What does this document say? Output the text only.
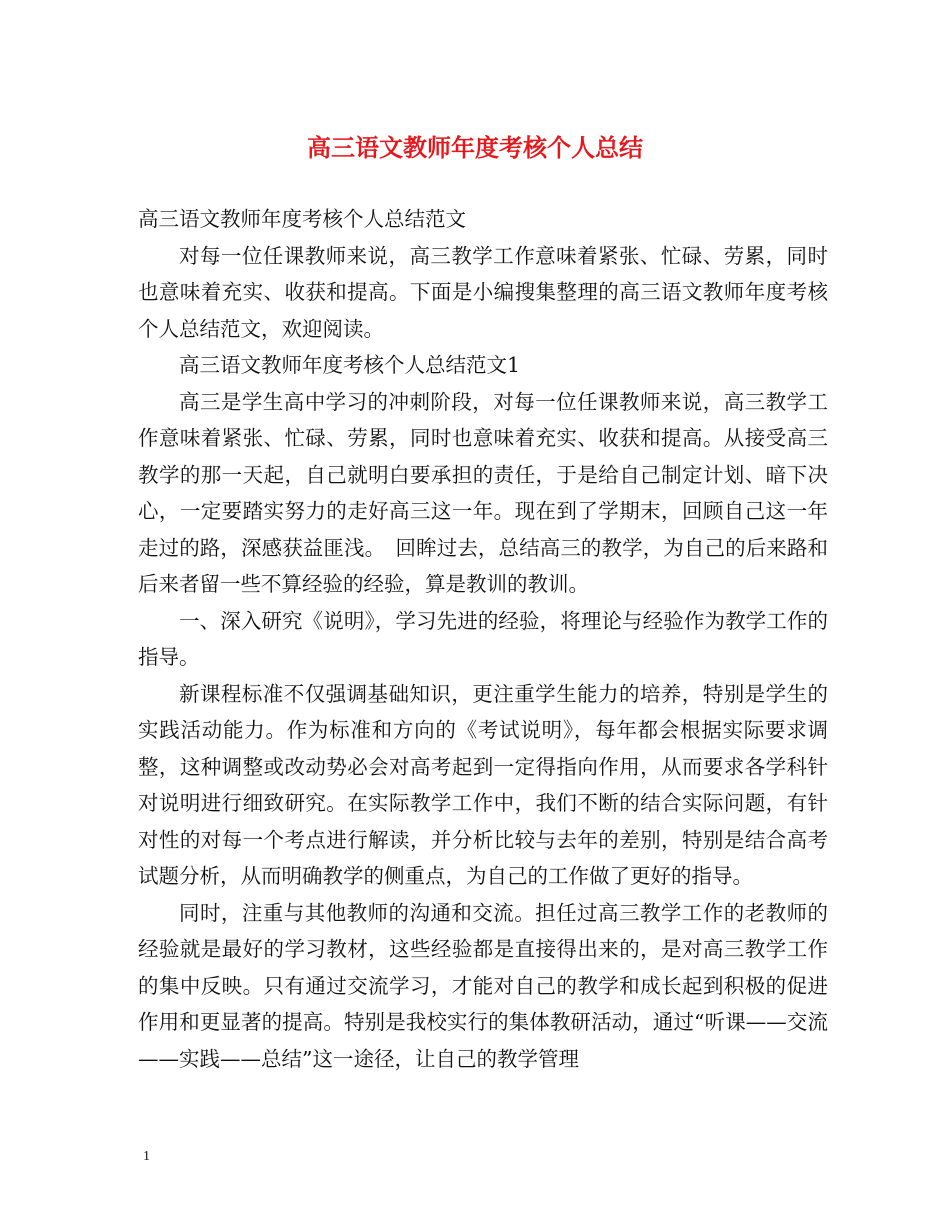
高三语文教师年度考核个人总结

高三语文教师年度考核个人总结范文

对每一位任课教师来说，高三教学工作意味着紧张、忙碌、劳累，同时也意味着充实、收获和提高。下面是小编搜集整理的高三语文教师年度考核个人总结范文，欢迎阅读。

高三语文教师年度考核个人总结范文1

高三是学生高中学习的冲刺阶段，对每一位任课教师来说，高三教学工作意味着紧张、忙碌、劳累，同时也意味着充实、收获和提高。从接受高三教学的那一天起，自己就明白要承担的责任，于是给自己制定计划、暗下决心，一定要踏实努力的走好高三这一年。现在到了学期末，回顾自己这一年走过的路，深感获益匪浅。　回眸过去，总结高三的教学，为自己的后来路和后来者留一些不算经验的经验，算是教训的教训。

一、深入研究《说明》，学习先进的经验，将理论与经验作为教学工作的指导。

新课程标准不仅强调基础知识，更注重学生能力的培养，特别是学生的实践活动能力。作为标准和方向的《考试说明》，每年都会根据实际要求调整，这种调整或改动势必会对高考起到一定得指向作用，从而要求各学科针对说明进行细致研究。在实际教学工作中，我们不断的结合实际问题，有针对性的对每一个考点进行解读，并分析比较与去年的差别，特别是结合高考试题分析，从而明确教学的侧重点，为自己的工作做了更好的指导。

同时，注重与其他教师的沟通和交流。担任过高三教学工作的老教师的经验就是最好的学习教材，这些经验都是直接得出来的，是对高三教学工作的集中反映。只有通过交流学习，才能对自己的教学和成长起到积极的促进作用和更显著的提高。特别是我校实行的集体教研活动，通过“听课——交流——实践——总结”这一途径，让自己的教学管理

1
